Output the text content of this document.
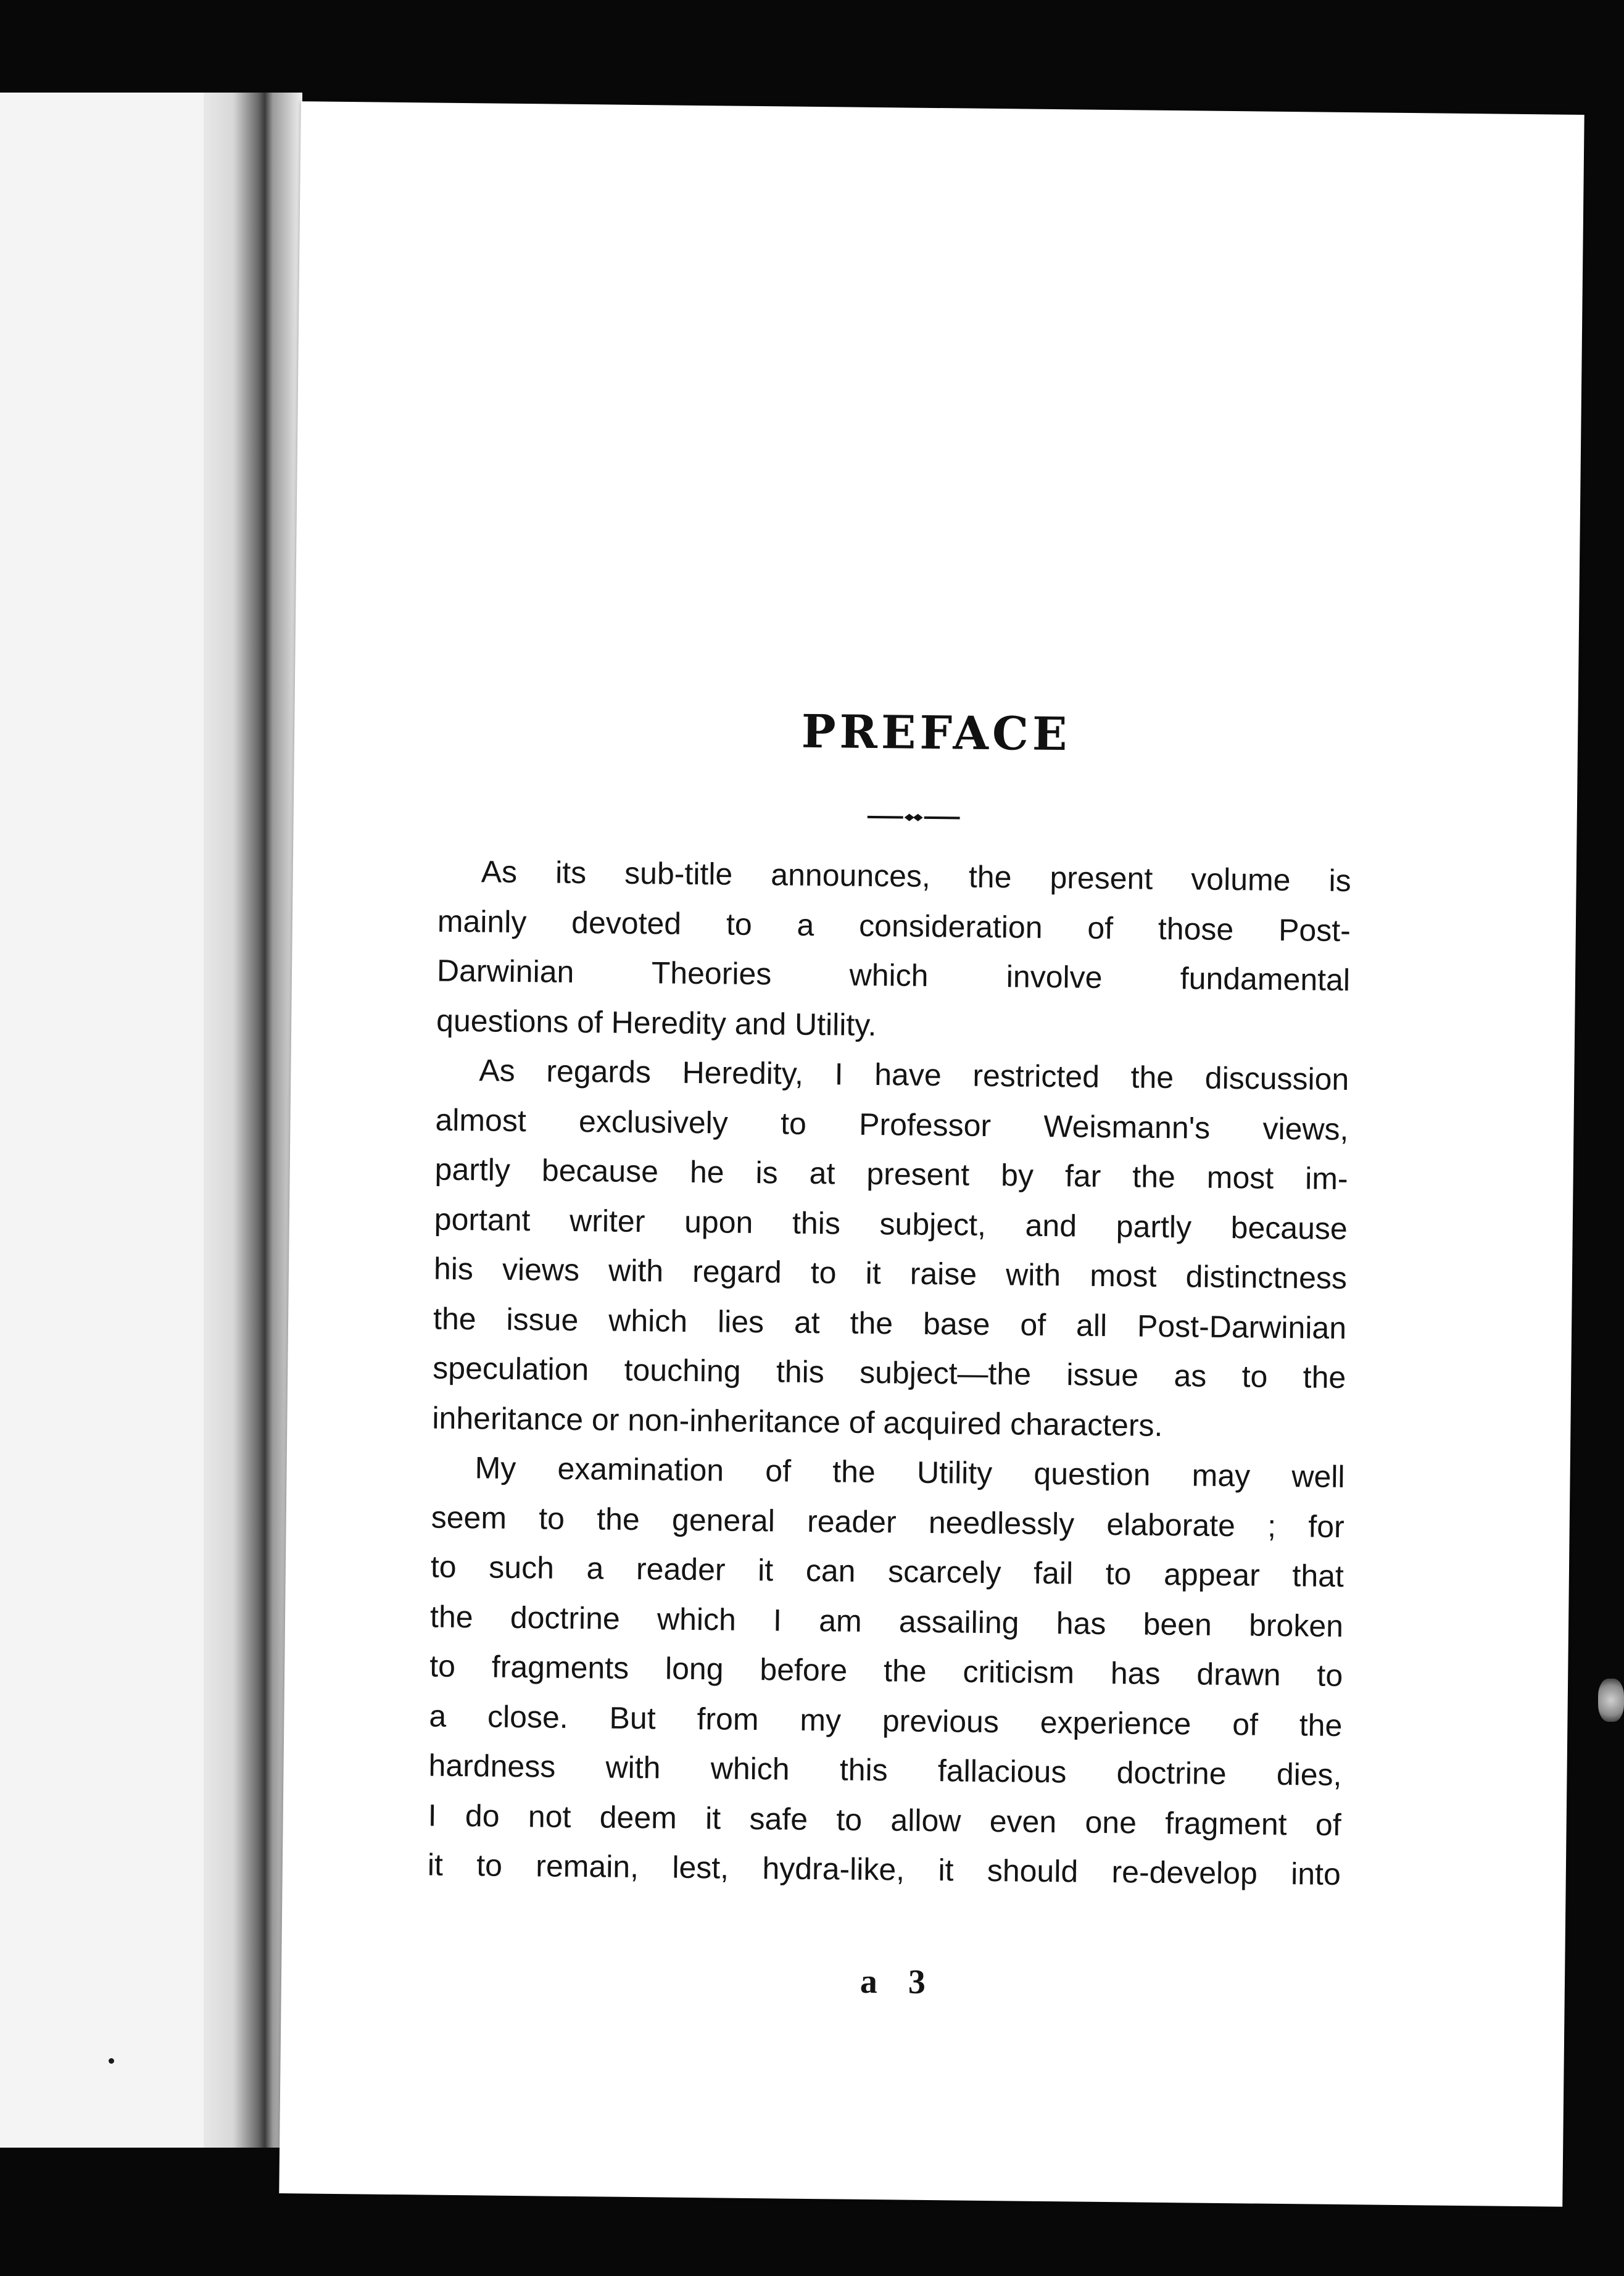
PREFACE
As its sub-title announces, the present volume is
mainly devoted to a consideration of those Post-
Darwinian Theories which involve fundamental
questions of Heredity and Utility.
As regards Heredity, I have restricted the discussion
almost exclusively to Professor Weismann's views,
partly because he is at present by far the most im-
portant writer upon this subject, and partly because
his views with regard to it raise with most distinctness
the issue which lies at the base of all Post-Darwinian
speculation touching this subject—the issue as to the
inheritance or non-inheritance of acquired characters.
My examination of the Utility question may well
seem to the general reader needlessly elaborate ; for
to such a reader it can scarcely fail to appear that
the doctrine which I am assailing has been broken
to fragments long before the criticism has drawn to
a close. But from my previous experience of the
hardness with which this fallacious doctrine dies,
I do not deem it safe to allow even one fragment of
it to remain, lest, hydra-like, it should re-develop into
a 3
